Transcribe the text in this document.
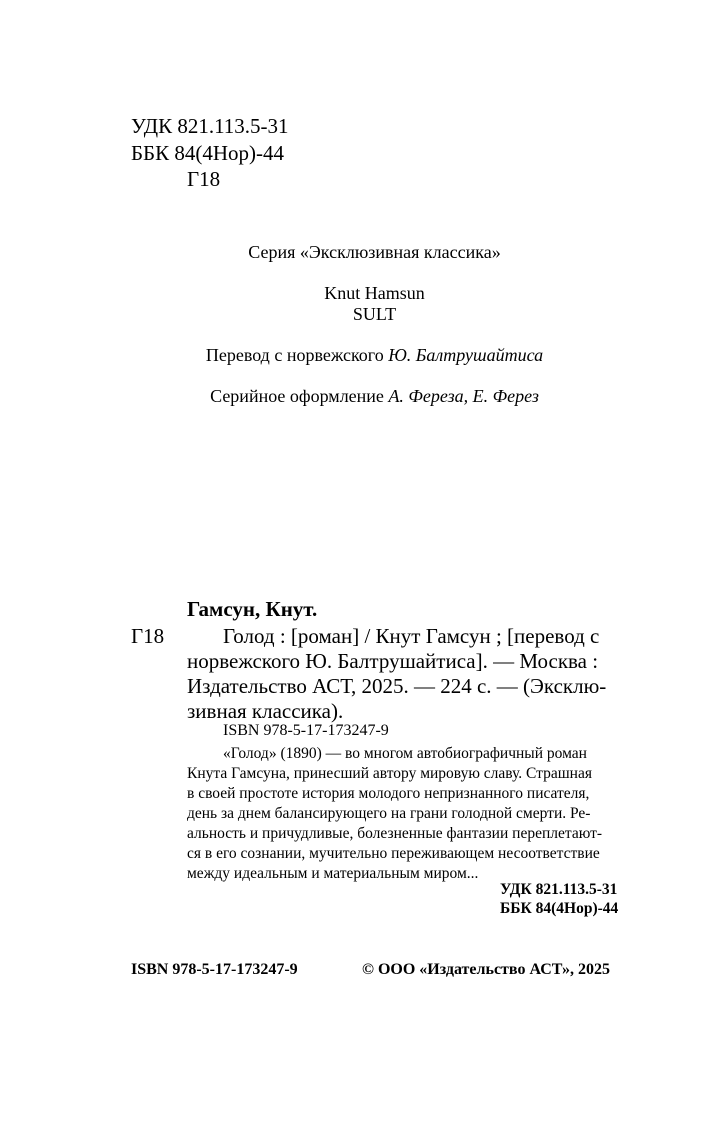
УДК 821.113.5-31
ББК 84(4Нор)-44
Г18
Серия «Эксклюзивная классика»
Knut Hamsun
SULT
Перевод с норвежского Ю. Балтрушайтиса
Серийное оформление А. Фереза, Е. Ферез
Гамсун, Кнут.
Г18	Голод : [роман] / Кнут Гамсун ; [перевод с
норвежского Ю. Балтрушайтиса]. — Москва :
Издательство АСТ, 2025. — 224 с. — (Эксклю-
зивная классика).
ISBN 978-5-17-173247-9
«Голод» (1890) — во многом автобиографичный роман
Кнута Гамсуна, принесший автору мировую славу. Страшная
в своей простоте история молодого непризнанного писателя,
день за днем балансирующего на грани голодной смерти. Ре-
альность и причудливые, болезненные фантазии переплетают-
ся в его сознании, мучительно переживающем несоответствие
между идеальным и материальным миром...
УДК 821.113.5-31
ББК 84(4Нор)-44
ISBN 978-5-17-173247-9	© ООО «Издательство АСТ», 2025
